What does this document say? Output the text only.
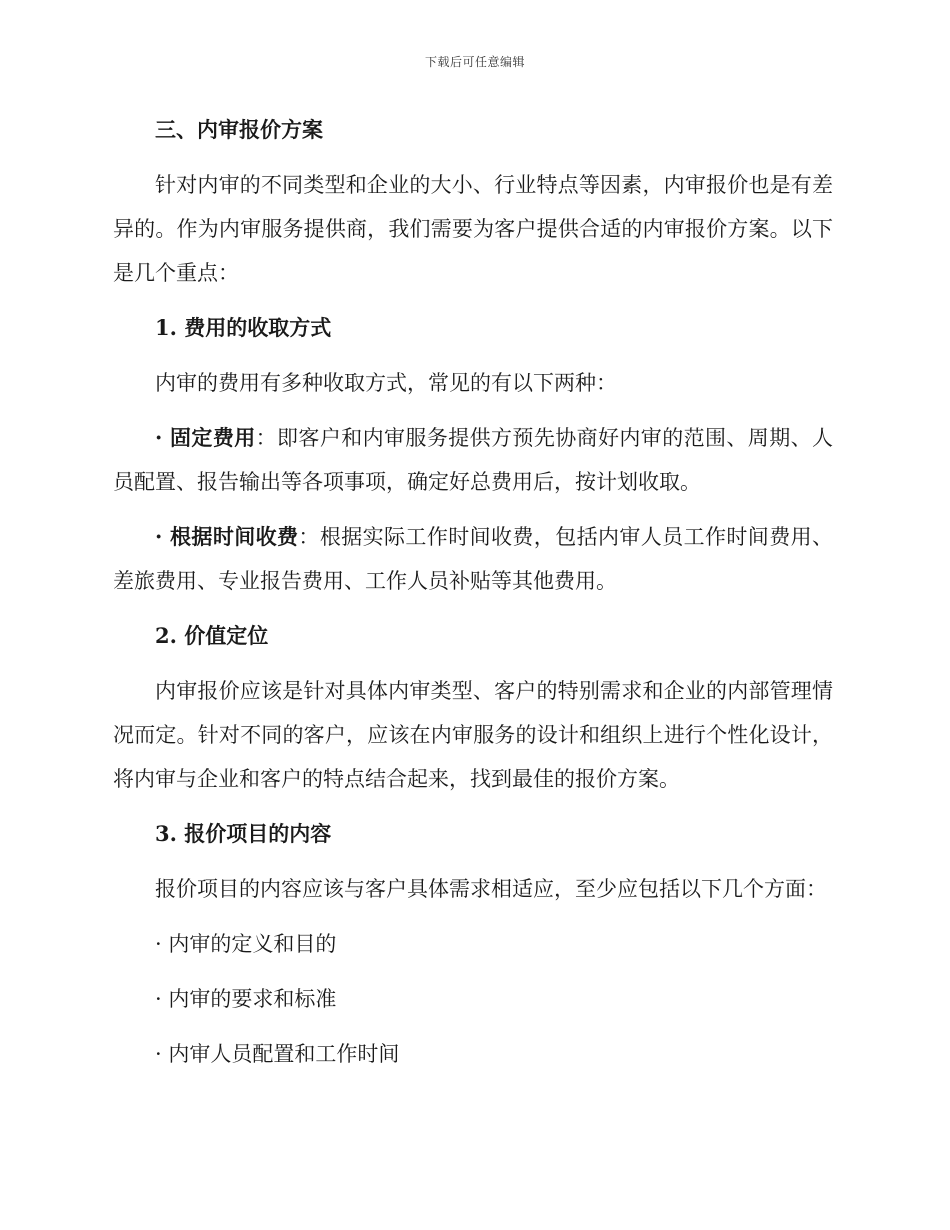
下载后可任意编辑

三、内审报价方案

针对内审的不同类型和企业的大小、行业特点等因素，内审报价也是有差异的。作为内审服务提供商，我们需要为客户提供合适的内审报价方案。以下是几个重点：

1. 费用的收取方式

内审的费用有多种收取方式，常见的有以下两种：

· 固定费用：即客户和内审服务提供方预先协商好内审的范围、周期、人员配置、报告输出等各项事项，确定好总费用后，按计划收取。

· 根据时间收费：根据实际工作时间收费，包括内审人员工作时间费用、差旅费用、专业报告费用、工作人员补贴等其他费用。

2. 价值定位

内审报价应该是针对具体内审类型、客户的特别需求和企业的内部管理情况而定。针对不同的客户，应该在内审服务的设计和组织上进行个性化设计，将内审与企业和客户的特点结合起来，找到最佳的报价方案。

3. 报价项目的内容

报价项目的内容应该与客户具体需求相适应，至少应包括以下几个方面：

· 内审的定义和目的

· 内审的要求和标准

· 内审人员配置和工作时间
